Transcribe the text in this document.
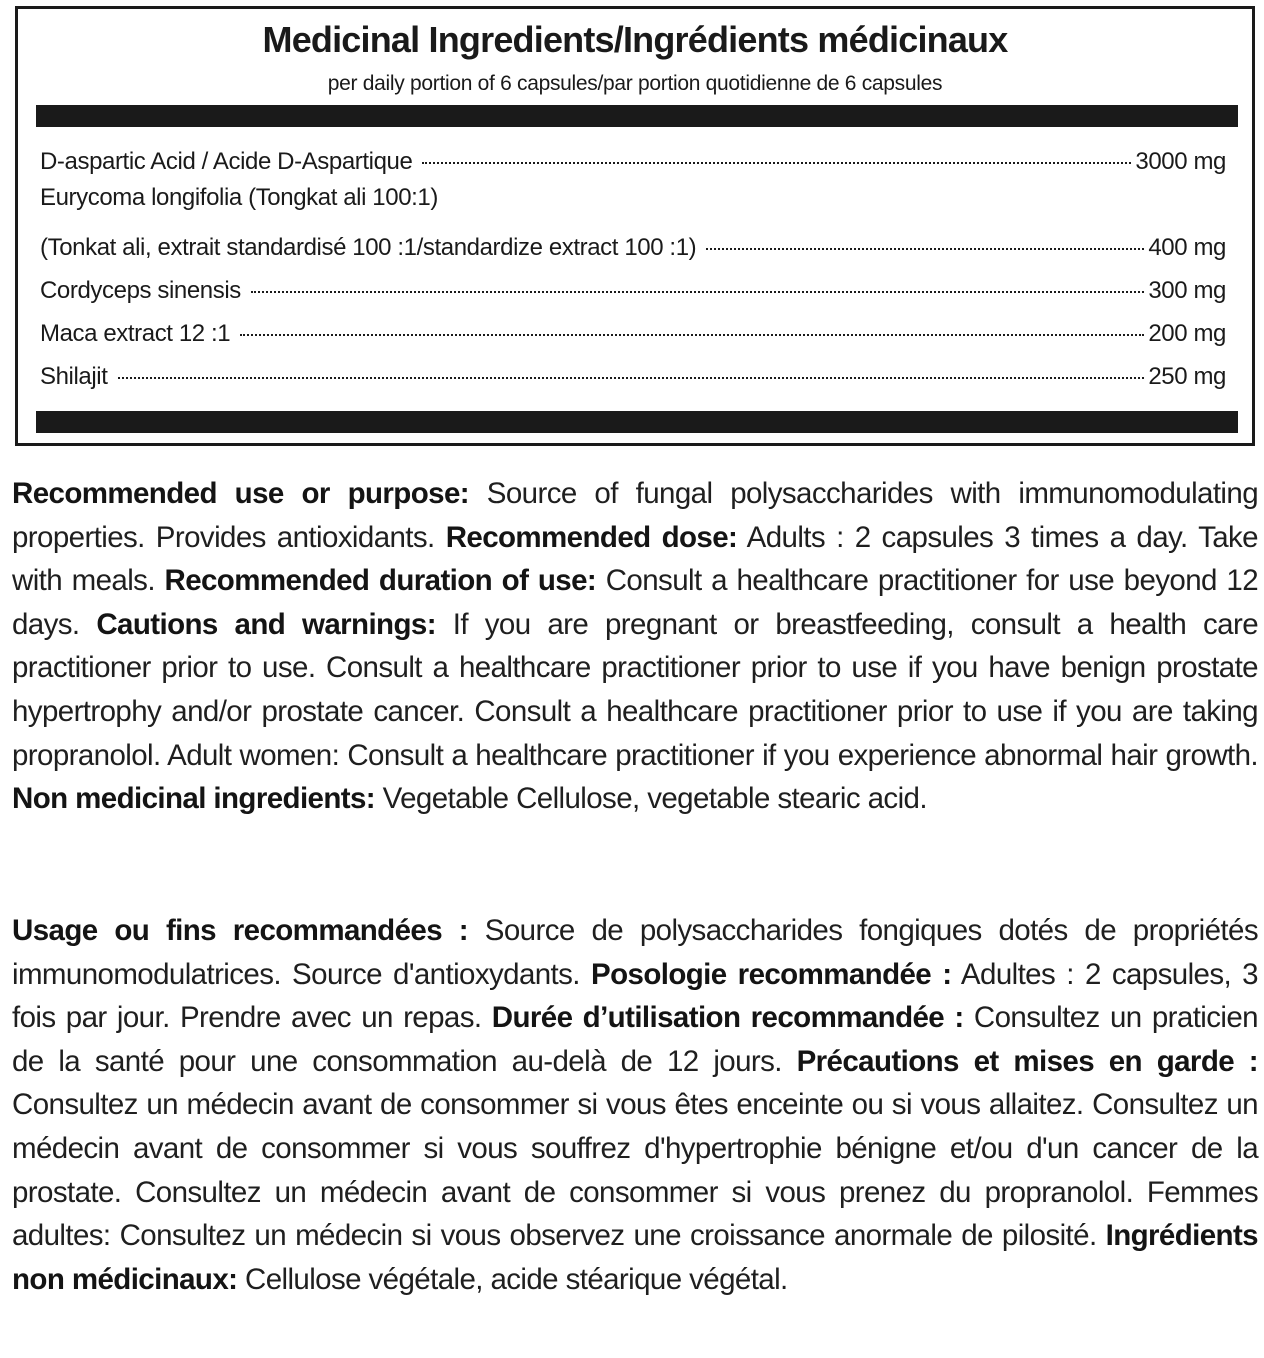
Medicinal Ingredients/Ingrédients médicinaux
per daily portion of 6 capsules/par portion quotidienne de 6 capsules
D-aspartic Acid / Acide D-Aspartique	3000 mg
Eurycoma longifolia (Tongkat ali 100:1)
(Tonkat ali, extrait standardisé 100 :1/standardize extract 100 :1)	400 mg
Cordyceps sinensis	300 mg
Maca extract 12 :1	200 mg
Shilajit	250 mg

Recommended use or purpose: Source of fungal polysaccharides with immunomodulating properties. Provides antioxidants. Recommended dose: Adults : 2 capsules 3 times a day. Take with meals. Recommended duration of use: Consult a healthcare practitioner for use beyond 12 days. Cautions and warnings: If you are pregnant or breastfeeding, consult a health care practitioner prior to use. Consult a healthcare practitioner prior to use if you have benign prostate hypertrophy and/or prostate cancer. Consult a healthcare practitioner prior to use if you are taking propranolol. Adult women: Consult a healthcare practitioner if you experience abnormal hair growth. Non medicinal ingredients: Vegetable Cellulose, vegetable stearic acid.

Usage ou fins recommandées : Source de polysaccharides fongiques dotés de propriétés immunomodulatrices. Source d'antioxydants. Posologie recommandée : Adultes : 2 capsules, 3 fois par jour. Prendre avec un repas. Durée d’utilisation recommandée : Consultez un praticien de la santé pour une consommation au-delà de 12 jours. Précautions et mises en garde : Consultez un médecin avant de consommer si vous êtes enceinte ou si vous allaitez. Consultez un médecin avant de consommer si vous souffrez d'hypertrophie bénigne et/ou d'un cancer de la prostate. Consultez un médecin avant de consommer si vous prenez du propranolol. Femmes adultes: Consultez un médecin si vous observez une croissance anormale de pilosité. Ingrédients non médicinaux: Cellulose végétale, acide stéarique végétal.
